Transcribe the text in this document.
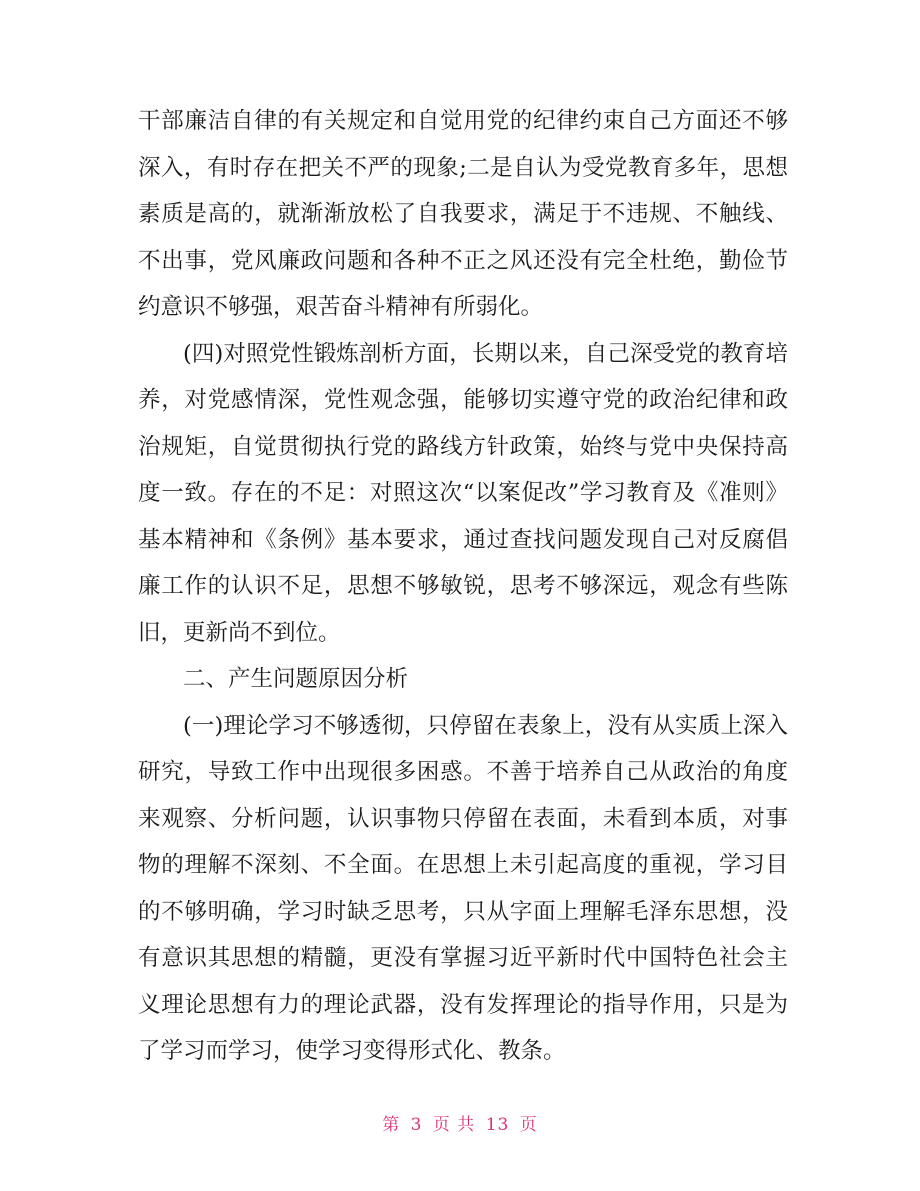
干部廉洁自律的有关规定和自觉用党的纪律约束自己方面还不够深入，有时存在把关不严的现象;二是自认为受党教育多年，思想素质是高的，就渐渐放松了自我要求，满足于不违规、不触线、不出事，党风廉政问题和各种不正之风还没有完全杜绝，勤俭节约意识不够强，艰苦奋斗精神有所弱化。

(四)对照党性锻炼剖析方面，长期以来，自己深受党的教育培养，对党感情深，党性观念强，能够切实遵守党的政治纪律和政治规矩，自觉贯彻执行党的路线方针政策，始终与党中央保持高度一致。存在的不足：对照这次“以案促改”学习教育及《准则》基本精神和《条例》基本要求，通过查找问题发现自己对反腐倡廉工作的认识不足，思想不够敏锐，思考不够深远，观念有些陈旧，更新尚不到位。

二、产生问题原因分析

(一)理论学习不够透彻，只停留在表象上，没有从实质上深入研究，导致工作中出现很多困惑。不善于培养自己从政治的角度来观察、分析问题，认识事物只停留在表面，未看到本质，对事物的理解不深刻、不全面。在思想上未引起高度的重视，学习目的不够明确，学习时缺乏思考，只从字面上理解毛泽东思想，没有意识其思想的精髓，更没有掌握习近平新时代中国特色社会主义理论思想有力的理论武器，没有发挥理论的指导作用，只是为了学习而学习，使学习变得形式化、教条。

第 3 页 共 13 页
